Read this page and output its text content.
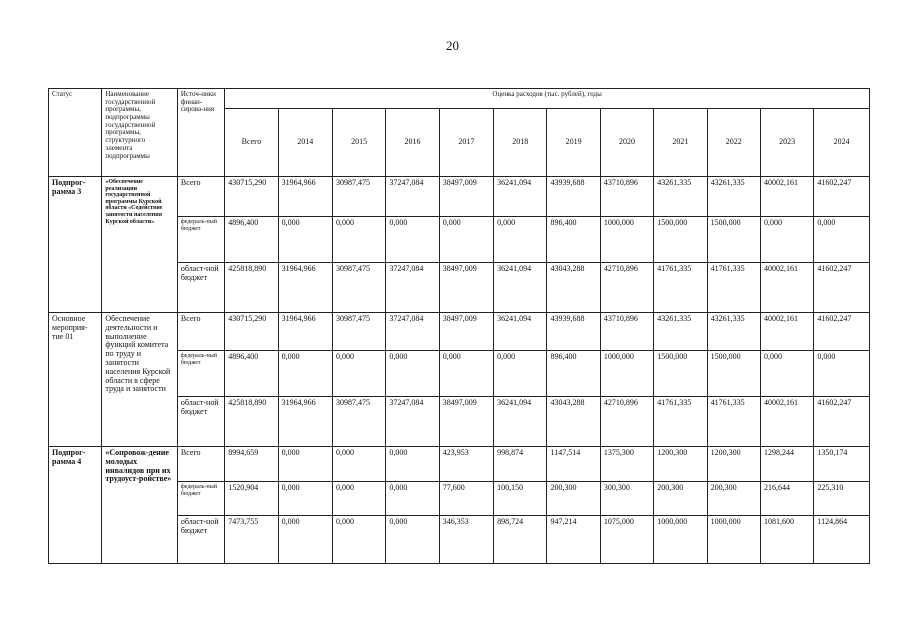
20
Статус	Наименование государственной программы, подпрограммы государственной программы, структурного элемента подпрограммы	Источ-ники финан-сирова-ния	Оценка расходов (тыс. рублей), годы											
			Всего	2014	2015	2016	2017	2018	2019	2020	2021	2022	2023	2024
Подпрог-рамма 3	«Обеспечение реализации государственной программы Курской области «Содействие занятости населения Курской области»	Всего	430715,290	31964,966	30987,475	37247,084	38497,009	36241,094	43939,688	43710,896	43261,335	43261,335	40002,161	41602,247
		федераль-ный бюджет	4896,400	0,000	0,000	0,000	0,000	0,000	896,400	1000,000	1500,000	1500,000	0,000	0,000
		област-ной бюджет	425818,890	31964,966	30987,475	37247,084	38497,009	36241,094	43043,288	42710,896	41761,335	41761,335	40002,161	41602,247
Основное мероприя-тие 01	Обеспечение деятельности и выполнение функций комитета по труду и занятости населения Курской области в сфере труда и занятости	Всего	430715,290	31964,966	30987,475	37247,084	38497,009	36241,094	43939,688	43710,896	43261,335	43261,335	40002,161	41602,247
		федераль-ный бюджет	4896,400	0,000	0,000	0,000	0,000	0,000	896,400	1000,000	1500,000	1500,000	0,000	0,000
		област-ной бюджет	425818,890	31964,966	30987,475	37247,084	38497,009	36241,094	43043,288	42710,896	41761,335	41761,335	40002,161	41602,247
Подпрог-рамма 4	«Сопровож-дение молодых инвалидов при их трудоуст-ройстве»	Всего	8994,659	0,000	0,000	0,000	423,953	998,874	1147,514	1375,300	1200,300	1200,300	1298,244	1350,174
		федераль-ный бюджет	1520,904	0,000	0,000	0,000	77,600	100,150	200,300	300,300	200,300	200,300	216,644	225,310
		област-ной бюджет	7473,755	0,000	0,000	0,000	346,353	898,724	947,214	1075,000	1000,000	1000,000	1081,600	1124,864
